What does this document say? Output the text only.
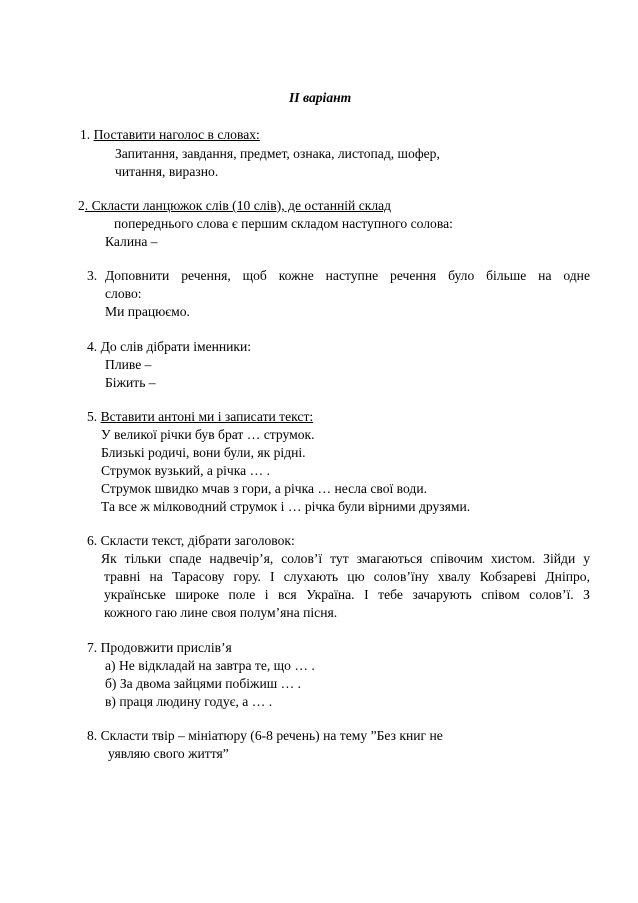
II варіант
1. Поставити наголос в словах:
Запитання, завдання, предмет, ознака, листопад, шофер,
читання, виразно.
2. Скласти ланцюжок слів (10 слів), де останній склад
попереднього слова є першим складом наступного солова:
Калина –
3. Доповнити речення, щоб кожне наступне речення було більше на одне
слово:
Ми працюємо.
4. До слів дібрати іменники:
Пливе –
Біжить –
5. Вставити антоні ми і записати текст:
У великої річки був брат … струмок.
Близькі родичі, вони були, як рідні.
Струмок вузький, а річка … .
Струмок швидко мчав з гори, а річка … несла свої води.
Та все ж мілководний струмок і … річка були вірними друзями.
6. Скласти текст, дібрати заголовок:
Як тільки спаде надвечір’я, солов’ї тут змагаються співочим хистом. Зійди у
травні на Тарасову гору. І слухають цю солов’їну хвалу Кобзареві Дніпро,
українське широке поле і вся Україна. І тебе зачарують співом солов’ї. З
кожного гаю лине своя полум’яна пісня.
7. Продовжити прислів’я
а) Не відкладай на завтра те, що … .
б) За двома зайцями побіжиш … .
в) праця людину годує, а … .
8. Скласти твір – мініатюру (6-8 речень) на тему ”Без книг не
уявляю свого життя”
